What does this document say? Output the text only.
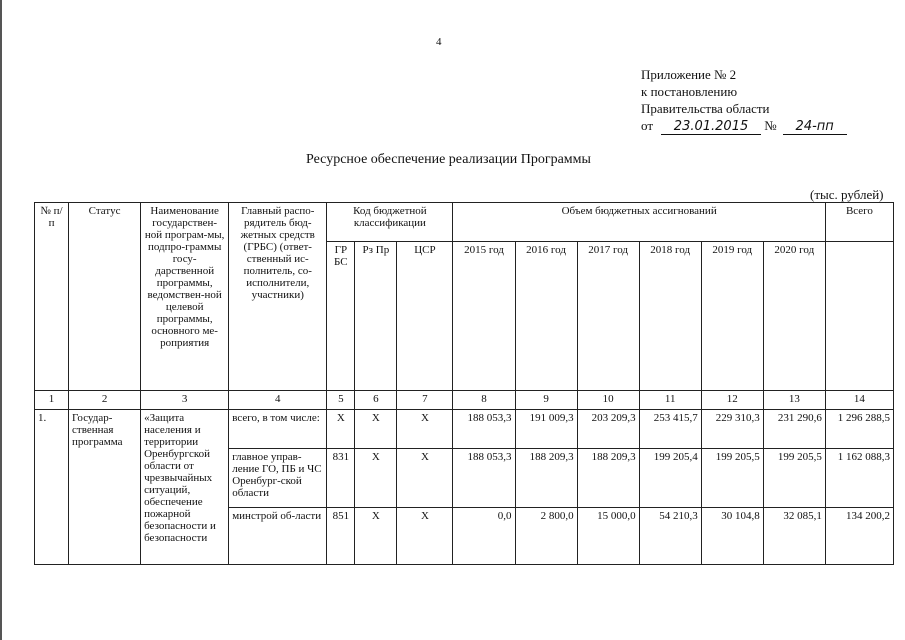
4
Приложение № 2
к постановлению
Правительства области
от 23.01.2015 № 24-пп
Ресурсное обеспечение реализации Программы
(тыс. рублей)
№ п/п	Статус	Наименование государствен-ной програм-мы, подпро-граммы госу-дарственной программы, ведомствен-ной целевой программы, основного ме-роприятия	Главный распо-рядитель бюд-жетных средств (ГРБС) (ответ-ственный ис-полнитель, со-исполнители, участники)	Код бюджетной классификации			Объем бюджетных ассигнований						Всего
				ГР БС	Рз Пр	ЦСР	2015 год	2016 год	2017 год	2018 год	2019 год	2020 год	
1	2	3	4	5	6	7	8	9	10	11	12	13	14
1.	Государ-ственная программа	«Защита населения и территории Оренбургской области от чрезвычайных ситуаций, обеспечение пожарной безопасности и безопасности	всего, в том числе:	Х	Х	Х	188 053,3	191 009,3	203 209,3	253 415,7	229 310,3	231 290,6	1 296 288,5
			главное управ-ление ГО, ПБ и ЧС Оренбург-ской области	831	Х	Х	188 053,3	188 209,3	188 209,3	199 205,4	199 205,5	199 205,5	1 162 088,3
			минстрой об-ласти	851	Х	Х	0,0	2 800,0	15 000,0	54 210,3	30 104,8	32 085,1	134 200,2
